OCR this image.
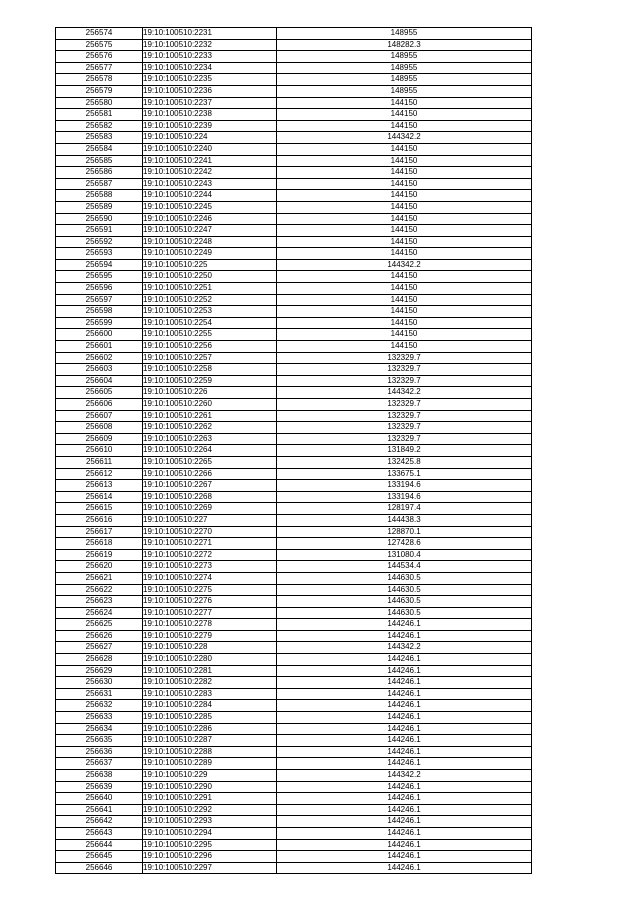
256574	19:10:100510:2231	148955
256575	19:10:100510:2232	148282.3
256576	19:10:100510:2233	148955
256577	19:10:100510:2234	148955
256578	19:10:100510:2235	148955
256579	19:10:100510:2236	148955
256580	19:10:100510:2237	144150
256581	19:10:100510:2238	144150
256582	19:10:100510:2239	144150
256583	19:10:100510:224	144342.2
256584	19:10:100510:2240	144150
256585	19:10:100510:2241	144150
256586	19:10:100510:2242	144150
256587	19:10:100510:2243	144150
256588	19:10:100510:2244	144150
256589	19:10:100510:2245	144150
256590	19:10:100510:2246	144150
256591	19:10:100510:2247	144150
256592	19:10:100510:2248	144150
256593	19:10:100510:2249	144150
256594	19:10:100510:225	144342.2
256595	19:10:100510:2250	144150
256596	19:10:100510:2251	144150
256597	19:10:100510:2252	144150
256598	19:10:100510:2253	144150
256599	19:10:100510:2254	144150
256600	19:10:100510:2255	144150
256601	19:10:100510:2256	144150
256602	19:10:100510:2257	132329.7
256603	19:10:100510:2258	132329.7
256604	19:10:100510:2259	132329.7
256605	19:10:100510:226	144342.2
256606	19:10:100510:2260	132329.7
256607	19:10:100510:2261	132329.7
256608	19:10:100510:2262	132329.7
256609	19:10:100510:2263	132329.7
256610	19:10:100510:2264	131849.2
256611	19:10:100510:2265	132425.8
256612	19:10:100510:2266	133675.1
256613	19:10:100510:2267	133194.6
256614	19:10:100510:2268	133194.6
256615	19:10:100510:2269	128197.4
256616	19:10:100510:227	144438.3
256617	19:10:100510:2270	128870.1
256618	19:10:100510:2271	127428.6
256619	19:10:100510:2272	131080.4
256620	19:10:100510:2273	144534.4
256621	19:10:100510:2274	144630.5
256622	19:10:100510:2275	144630.5
256623	19:10:100510:2276	144630.5
256624	19:10:100510:2277	144630.5
256625	19:10:100510:2278	144246.1
256626	19:10:100510:2279	144246.1
256627	19:10:100510:228	144342.2
256628	19:10:100510:2280	144246.1
256629	19:10:100510:2281	144246.1
256630	19:10:100510:2282	144246.1
256631	19:10:100510:2283	144246.1
256632	19:10:100510:2284	144246.1
256633	19:10:100510:2285	144246.1
256634	19:10:100510:2286	144246.1
256635	19:10:100510:2287	144246.1
256636	19:10:100510:2288	144246.1
256637	19:10:100510:2289	144246.1
256638	19:10:100510:229	144342.2
256639	19:10:100510:2290	144246.1
256640	19:10:100510:2291	144246.1
256641	19:10:100510:2292	144246.1
256642	19:10:100510:2293	144246.1
256643	19:10:100510:2294	144246.1
256644	19:10:100510:2295	144246.1
256645	19:10:100510:2296	144246.1
256646	19:10:100510:2297	144246.1
